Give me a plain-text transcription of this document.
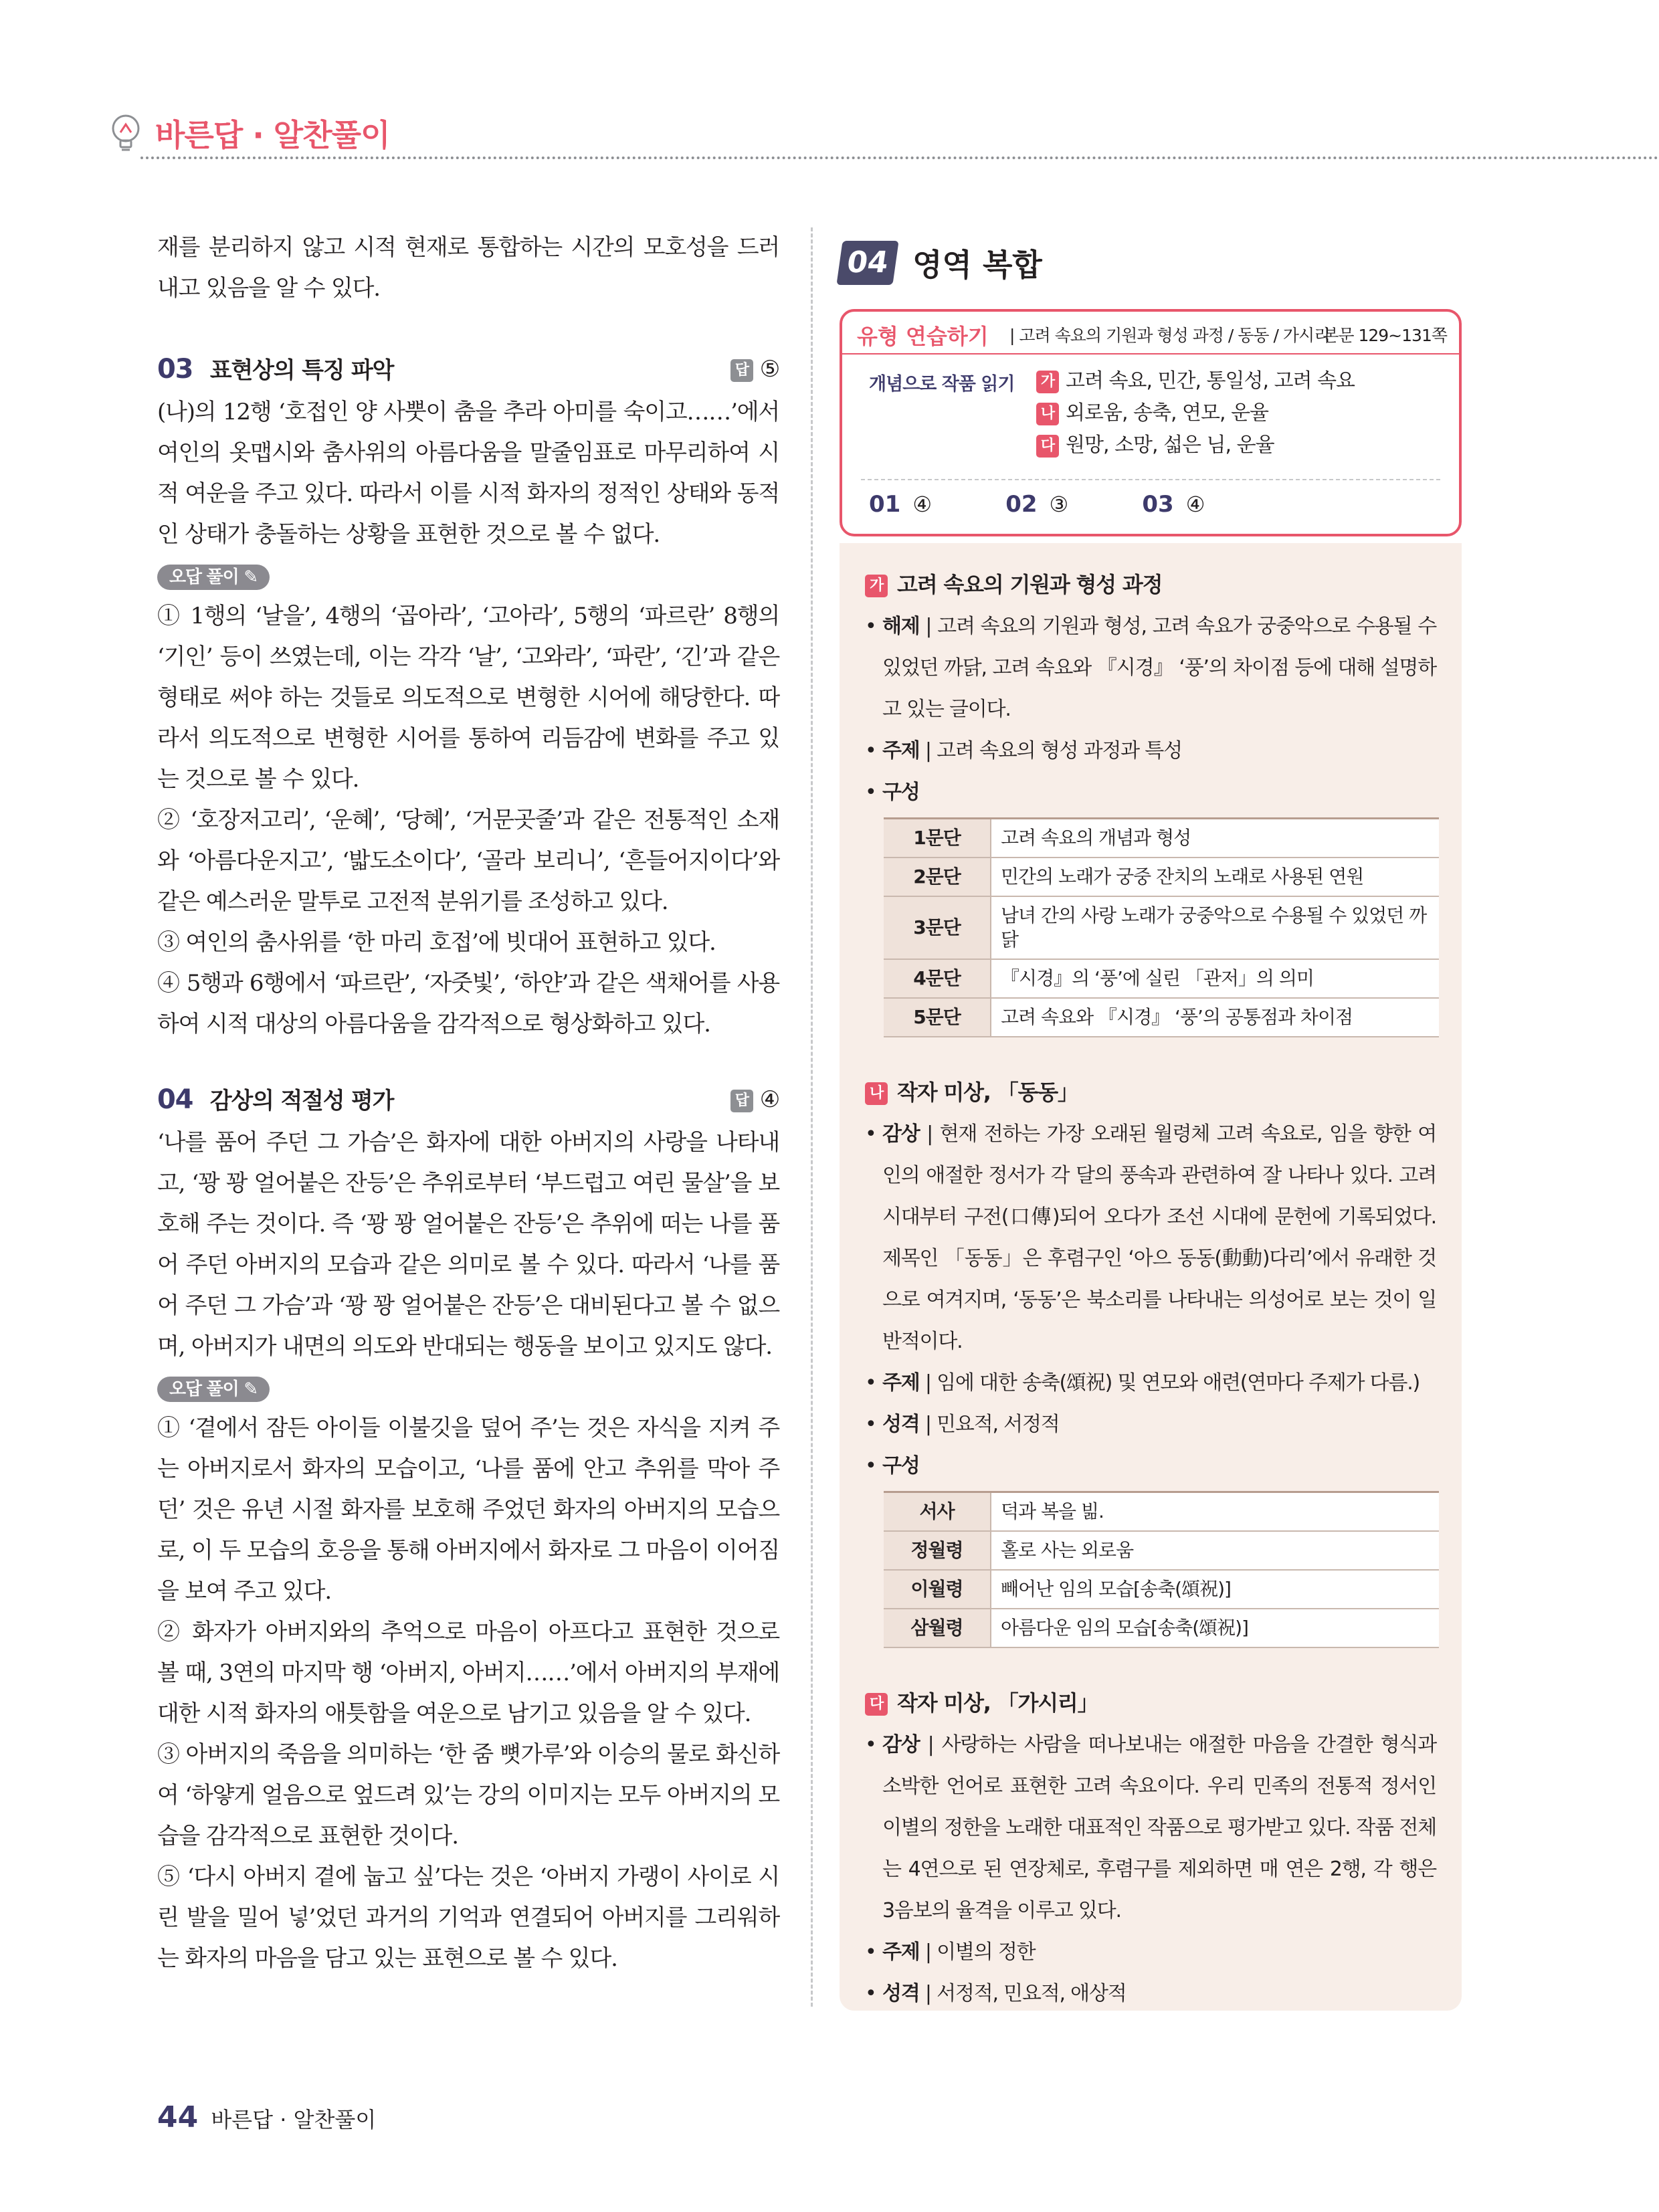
바른답 · 알찬풀이

재를 분리하지 않고 시적 현재로 통합하는 시간의 모호성을 드러내고 있음을 알 수 있다.

03 표현상의 특징 파악	답 ⑤

(나)의 12행 ‘호접인 양 사뿟이 춤을 추라 아미를 숙이고……’에서 여인의 옷맵시와 춤사위의 아름다움을 말줄임표로 마무리하여 시적 여운을 주고 있다. 따라서 이를 시적 화자의 정적인 상태와 동적인 상태가 충돌하는 상황을 표현한 것으로 볼 수 없다.

오답 풀이 ✎

① 1행의 ‘날을’, 4행의 ‘곱아라’, ‘고아라’, 5행의 ‘파르란’ 8행의 ‘기인’ 등이 쓰였는데, 이는 각각 ‘날’, ‘고와라’, ‘파란’, ‘긴’과 같은 형태로 써야 하는 것들로 의도적으로 변형한 시어에 해당한다. 따라서 의도적으로 변형한 시어를 통하여 리듬감에 변화를 주고 있는 것으로 볼 수 있다.

② ‘호장저고리’, ‘운혜’, ‘당혜’, ‘거문곳줄’과 같은 전통적인 소재와 ‘아름다운지고’, ‘밟도소이다’, ‘골라 보리니’, ‘흔들어지이다’와 같은 예스러운 말투로 고전적 분위기를 조성하고 있다.

③ 여인의 춤사위를 ‘한 마리 호접’에 빗대어 표현하고 있다.

④ 5행과 6행에서 ‘파르란’, ‘자줏빛’, ‘하얀’과 같은 색채어를 사용하여 시적 대상의 아름다움을 감각적으로 형상화하고 있다.

04 감상의 적절성 평가	답 ④

‘나를 품어 주던 그 가슴’은 화자에 대한 아버지의 사랑을 나타내고, ‘꽝 꽝 얼어붙은 잔등’은 추위로부터 ‘부드럽고 여린 물살’을 보호해 주는 것이다. 즉 ‘꽝 꽝 얼어붙은 잔등’은 추위에 떠는 나를 품어 주던 아버지의 모습과 같은 의미로 볼 수 있다. 따라서 ‘나를 품어 주던 그 가슴’과 ‘꽝 꽝 얼어붙은 잔등’은 대비된다고 볼 수 없으며, 아버지가 내면의 의도와 반대되는 행동을 보이고 있지도 않다.

오답 풀이 ✎

① ‘곁에서 잠든 아이들 이불깃을 덮어 주’는 것은 자식을 지켜 주는 아버지로서 화자의 모습이고, ‘나를 품에 안고 추위를 막아 주던’ 것은 유년 시절 화자를 보호해 주었던 화자의 아버지의 모습으로, 이 두 모습의 호응을 통해 아버지에서 화자로 그 마음이 이어짐을 보여 주고 있다.

② 화자가 아버지와의 추억으로 마음이 아프다고 표현한 것으로 볼 때, 3연의 마지막 행 ‘아버지, 아버지……’에서 아버지의 부재에 대한 시적 화자의 애틋함을 여운으로 남기고 있음을 알 수 있다.

③ 아버지의 죽음을 의미하는 ‘한 줌 뼛가루’와 이승의 물로 화신하여 ‘하얗게 얼음으로 엎드려 있’는 강의 이미지는 모두 아버지의 모습을 감각적으로 표현한 것이다.

⑤ ‘다시 아버지 곁에 눕고 싶’다는 것은 ‘아버지 가랭이 사이로 시린 발을 밀어 넣’었던 과거의 기억과 연결되어 아버지를 그리워하는 화자의 마음을 담고 있는 표현으로 볼 수 있다.

04 영역 복합
유형 연습하기 | 고려 속요의 기원과 형성 과정 / 동동 / 가시리
본문 129~131쪽
개념으로 작품 읽기	가 고려 속요, 민간, 통일성, 고려 속요
나 외로움, 송축, 연모, 운율
다 원망, 소망, 섧은 님, 운율
01 ④	02 ③	03 ④
가 고려 속요의 기원과 형성 과정
• 해제 | 고려 속요의 기원과 형성, 고려 속요가 궁중악으로 수용될 수 있었던 까닭, 고려 속요와 『시경』 ‘풍’의 차이점 등에 대해 설명하고 있는 글이다.
• 주제 | 고려 속요의 형성 과정과 특성
• 구성
1문단	고려 속요의 개념과 형성
2문단	민간의 노래가 궁중 잔치의 노래로 사용된 연원
3문단	남녀 간의 사랑 노래가 궁중악으로 수용될 수 있었던 까닭
4문단	『시경』의 ‘풍’에 실린 「관저」의 의미
5문단	고려 속요와 『시경』 ‘풍’의 공통점과 차이점
나 작자 미상, 「동동」
• 감상 | 현재 전하는 가장 오래된 월령체 고려 속요로, 임을 향한 여인의 애절한 정서가 각 달의 풍속과 관련하여 잘 나타나 있다. 고려 시대부터 구전(口傳)되어 오다가 조선 시대에 문헌에 기록되었다. 제목인 「동동」은 후렴구인 ‘아으 동동(動動)다리’에서 유래한 것으로 여겨지며, ‘동동’은 북소리를 나타내는 의성어로 보는 것이 일반적이다.
• 주제 | 임에 대한 송축(頌祝) 및 연모와 애련(연마다 주제가 다름.)
• 성격 | 민요적, 서정적
• 구성
서사	덕과 복을 빎.
정월령	홀로 사는 외로움
이월령	빼어난 임의 모습[송축(頌祝)]
삼월령	아름다운 임의 모습[송축(頌祝)]
다 작자 미상, 「가시리」
• 감상 | 사랑하는 사람을 떠나보내는 애절한 마음을 간결한 형식과 소박한 언어로 표현한 고려 속요이다. 우리 민족의 전통적 정서인 이별의 정한을 노래한 대표적인 작품으로 평가받고 있다. 작품 전체는 4연으로 된 연장체로, 후렴구를 제외하면 매 연은 2행, 각 행은 3음보의 율격을 이루고 있다.
• 주제 | 이별의 정한
• 성격 | 서정적, 민요적, 애상적
44 바른답 · 알찬풀이
